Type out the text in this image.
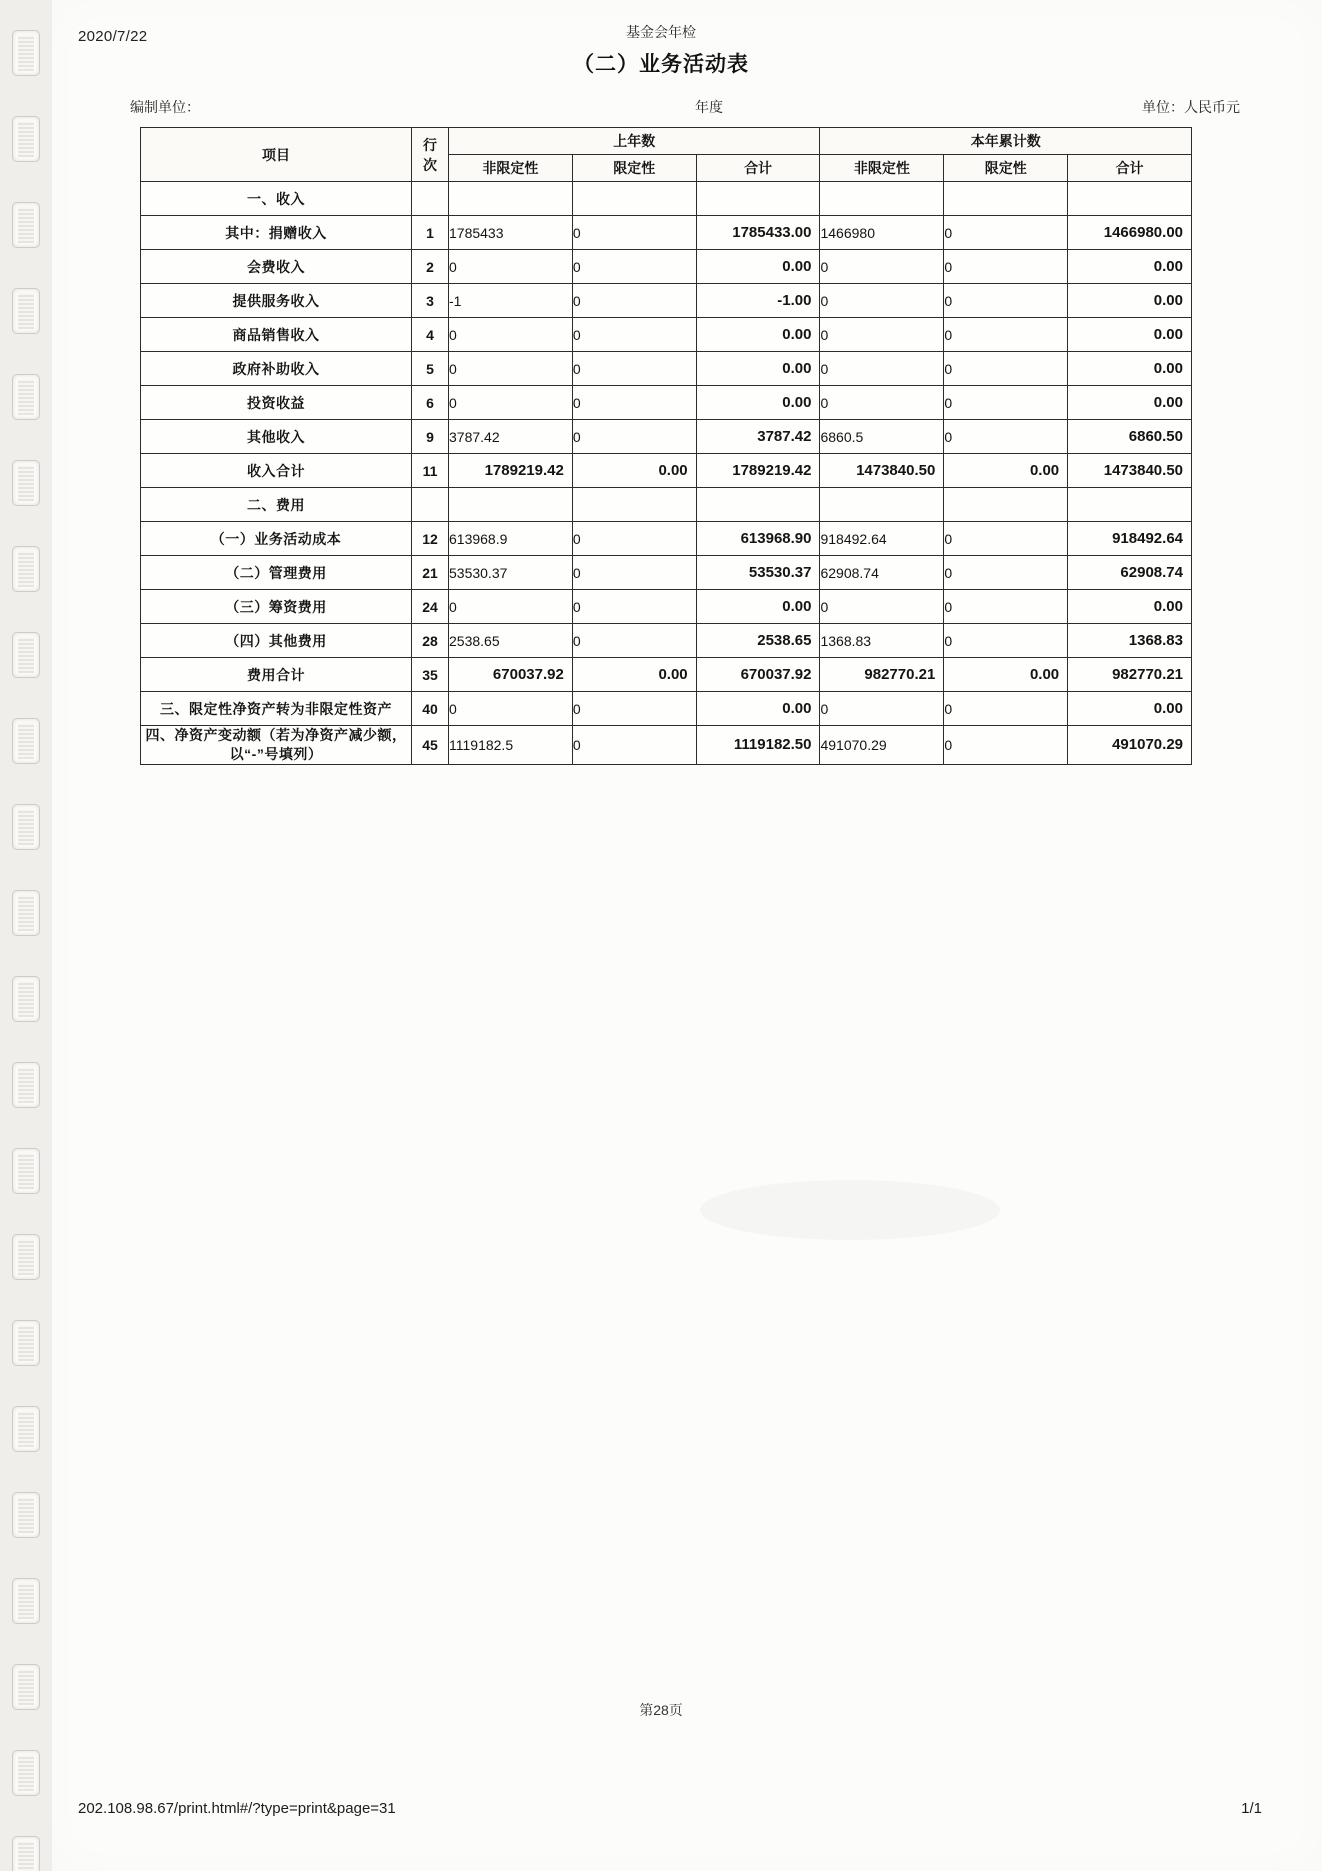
2020/7/22	基金会年检
（二）业务活动表
编制单位：	年度	单位：人民币元
项目	行
次	上年数			本年累计数		
		非限定性	限定性	合计	非限定性	限定性	合计
一、收入							
其中：捐赠收入	1	1785433	0	1785433.00	1466980	0	1466980.00
会费收入	2	0	0	0.00	0	0	0.00
提供服务收入	3	-1	0	-1.00	0	0	0.00
商品销售收入	4	0	0	0.00	0	0	0.00
政府补助收入	5	0	0	0.00	0	0	0.00
投资收益	6	0	0	0.00	0	0	0.00
其他收入	9	3787.42	0	3787.42	6860.5	0	6860.50
收入合计	11	1789219.42	0.00	1789219.42	1473840.50	0.00	1473840.50
二、费用							
（一）业务活动成本	12	613968.9	0	613968.90	918492.64	0	918492.64
（二）管理费用	21	53530.37	0	53530.37	62908.74	0	62908.74
（三）筹资费用	24	0	0	0.00	0	0	0.00
（四）其他费用	28	2538.65	0	2538.65	1368.83	0	1368.83
费用合计	35	670037.92	0.00	670037.92	982770.21	0.00	982770.21
三、限定性净资产转为非限定性资产	40	0	0	0.00	0	0	0.00
四、净资产变动额（若为净资产减少额，以“-”号填列）	45	1119182.5	0	1119182.50	491070.29	0	491070.29
第28页
202.108.98.67/print.html#/?type=print&page=31	1/1
